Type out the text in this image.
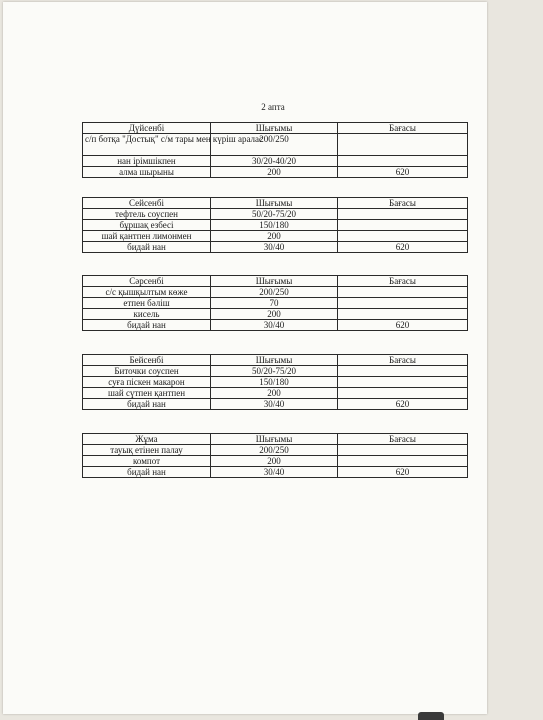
2 апта
Дүйсенбі	Шығымы	Бағасы
с/п ботқа "Достық" с/м тары мен күріш аралас	200/250	
нан ірімшікпен	30/20-40/20	
алма шырыны	200	620
Сейсенбі	Шығымы	Бағасы
тефтель соуспен	50/20-75/20	
бұршақ езбесі	150/180	
шай қантпен лимонмен	200	
бидай нан	30/40	620
Сәрсенбі	Шығымы	Бағасы
с/с қышқылтым көже	200/250	
етпен бәліш	70	
кисель	200	
бидай нан	30/40	620
Бейсенбі	Шығымы	Бағасы
Биточки соуспен	50/20-75/20	
суға піскен макарон	150/180	
шай сүтпен қантпен	200	
бидай нан	30/40	620
Жұма	Шығымы	Бағасы
тауық етінен палау	200/250	
компот	200	
бидай нан	30/40	620
